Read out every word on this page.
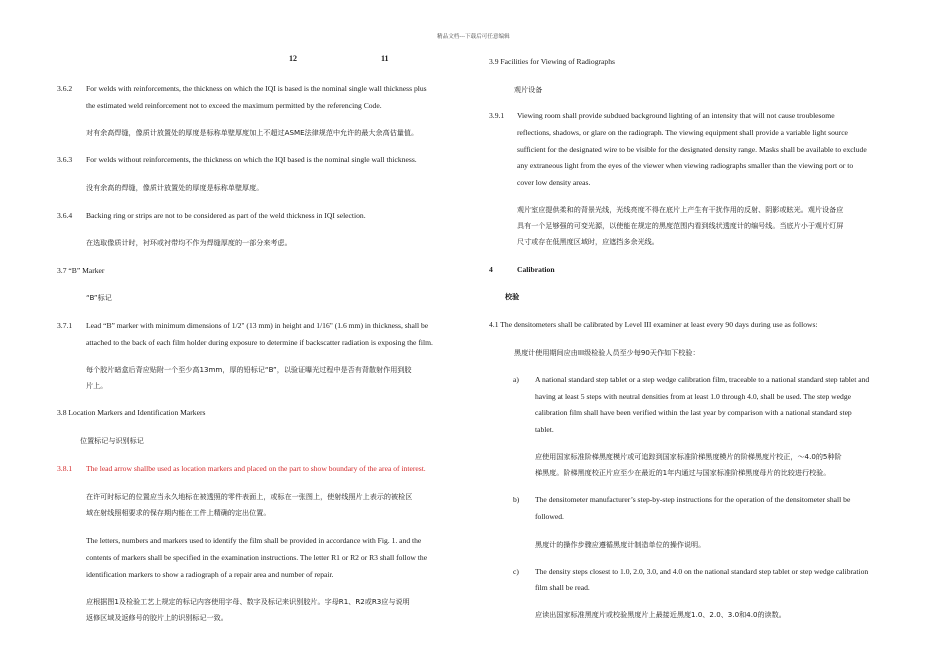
精品文档---下载后可任意编辑
12	11
3.6.2 For welds with reinforcements, the thickness on which the IQI is based is the nominal single wall thickness plus
the estimated weld reinforcement not to exceed the maximum permitted by the referencing Code.
对有余高焊缝，像质计放置处的厚度是标称单壁厚度加上不超过ASME法律规范中允许的最大余高估量值。
3.6.3 For welds without reinforcements, the thickness on which the IQI based is the nominal single wall thickness.
没有余高的焊缝，像质计放置处的厚度是标称单壁厚度。
3.6.4 Backing ring or strips are not to be considered as part of the weld thickness in IQI selection.
在选取像质计时，衬环或衬带均不作为焊缝厚度的一部分来考虑。
3.7 “B” Marker
“B”标记
3.7.1 Lead “B” marker with minimum dimensions of 1/2" (13 mm) in height and 1/16" (1.6 mm) in thickness, shall be
attached to the back of each film holder during exposure to determine if backscatter radiation is exposing the film.
每个胶片暗盒后背应贴附一个至少高13mm，厚的铅标记“B”，以验证曝光过程中是否有背散射作用到胶
片上。
3.8 Location Markers and Identification Markers
位置标记与识别标记
3.8.1 The lead arrow shallbe used as location markers and placed on the part to show boundary of the area of interest.
在许可时标记的位置应当永久地标在被透照的零件表面上，或标在一张图上，使射线照片上表示的被检区
域在射线照相要求的保存期内能在工件上精确的定出位置。
The letters, numbers and markers used to identify the film shall be provided in accordance with Fig. 1. and the
contents of markers shall be specified in the examination instructions. The letter R1 or R2 or R3 shall follow the
identification markers to show a radiograph of a repair area and number of repair.
应根据图1及检验工艺上规定的标记内容使用字母、数字及标记来识别胶片。字母R1、R2或R3应与说明
返修区域及返修号的胶片上的识别标记一致。
3.9 Facilities for Viewing of Radiographs
观片设备
3.9.1 Viewing room shall provide subdued background lighting of an intensity that will not cause troublesome
reflections, shadows, or glare on the radiograph. The viewing equipment shall provide a variable light source
sufficient for the designated wire to be visible for the designated density range. Masks shall be available to exclude
any extraneous light from the eyes of the viewer when viewing radiographs smaller than the viewing port or to
cover low density areas.
观片室应提供柔和的背景光线，光线亮度不得在底片上产生有干扰作用的反射、阴影或眩光。观片设备应
具有一个足够强的可变光源，以使能在规定的黑度范围内看到线状透度计的编号线。当底片小于观片灯屏
尺寸或存在低黑度区域时，应遮挡多余光线。
4	Calibration
校验
4.1 The densitometers shall be calibrated by Level III examiner at least every 90 days during use as follows:
黑度计使用期间应由III级检验人员至少每90天作如下校验：
a) A national standard step tablet or a step wedge calibration film, traceable to a national standard step tablet and
having at least 5 steps with neutral densities from at least 1.0 through 4.0, shall be used. The step wedge
calibration film shall have been verified within the last year by comparison with a national standard step
tablet.
应使用国家标准阶梯黑度模片或可追踪到国家标准阶梯黑度模片的阶梯黑度片校正，～4.0的5种阶
梯黑度。阶梯黑度校正片应至少在最近的1年内通过与国家标准阶梯黑度母片的比较进行校验。
b) The densitometer manufacturer’s step-by-step instructions for the operation of the densitometer shall be
followed.
黑度计的操作步骤应遵循黑度计制造单位的操作说明。
c) The density steps closest to 1.0, 2.0, 3.0, and 4.0 on the national standard step tablet or step wedge calibration
film shall be read.
应读出国家标准黑度片或校验黑度片上最接近黑度1.0、2.0、3.0和4.0的读数。
